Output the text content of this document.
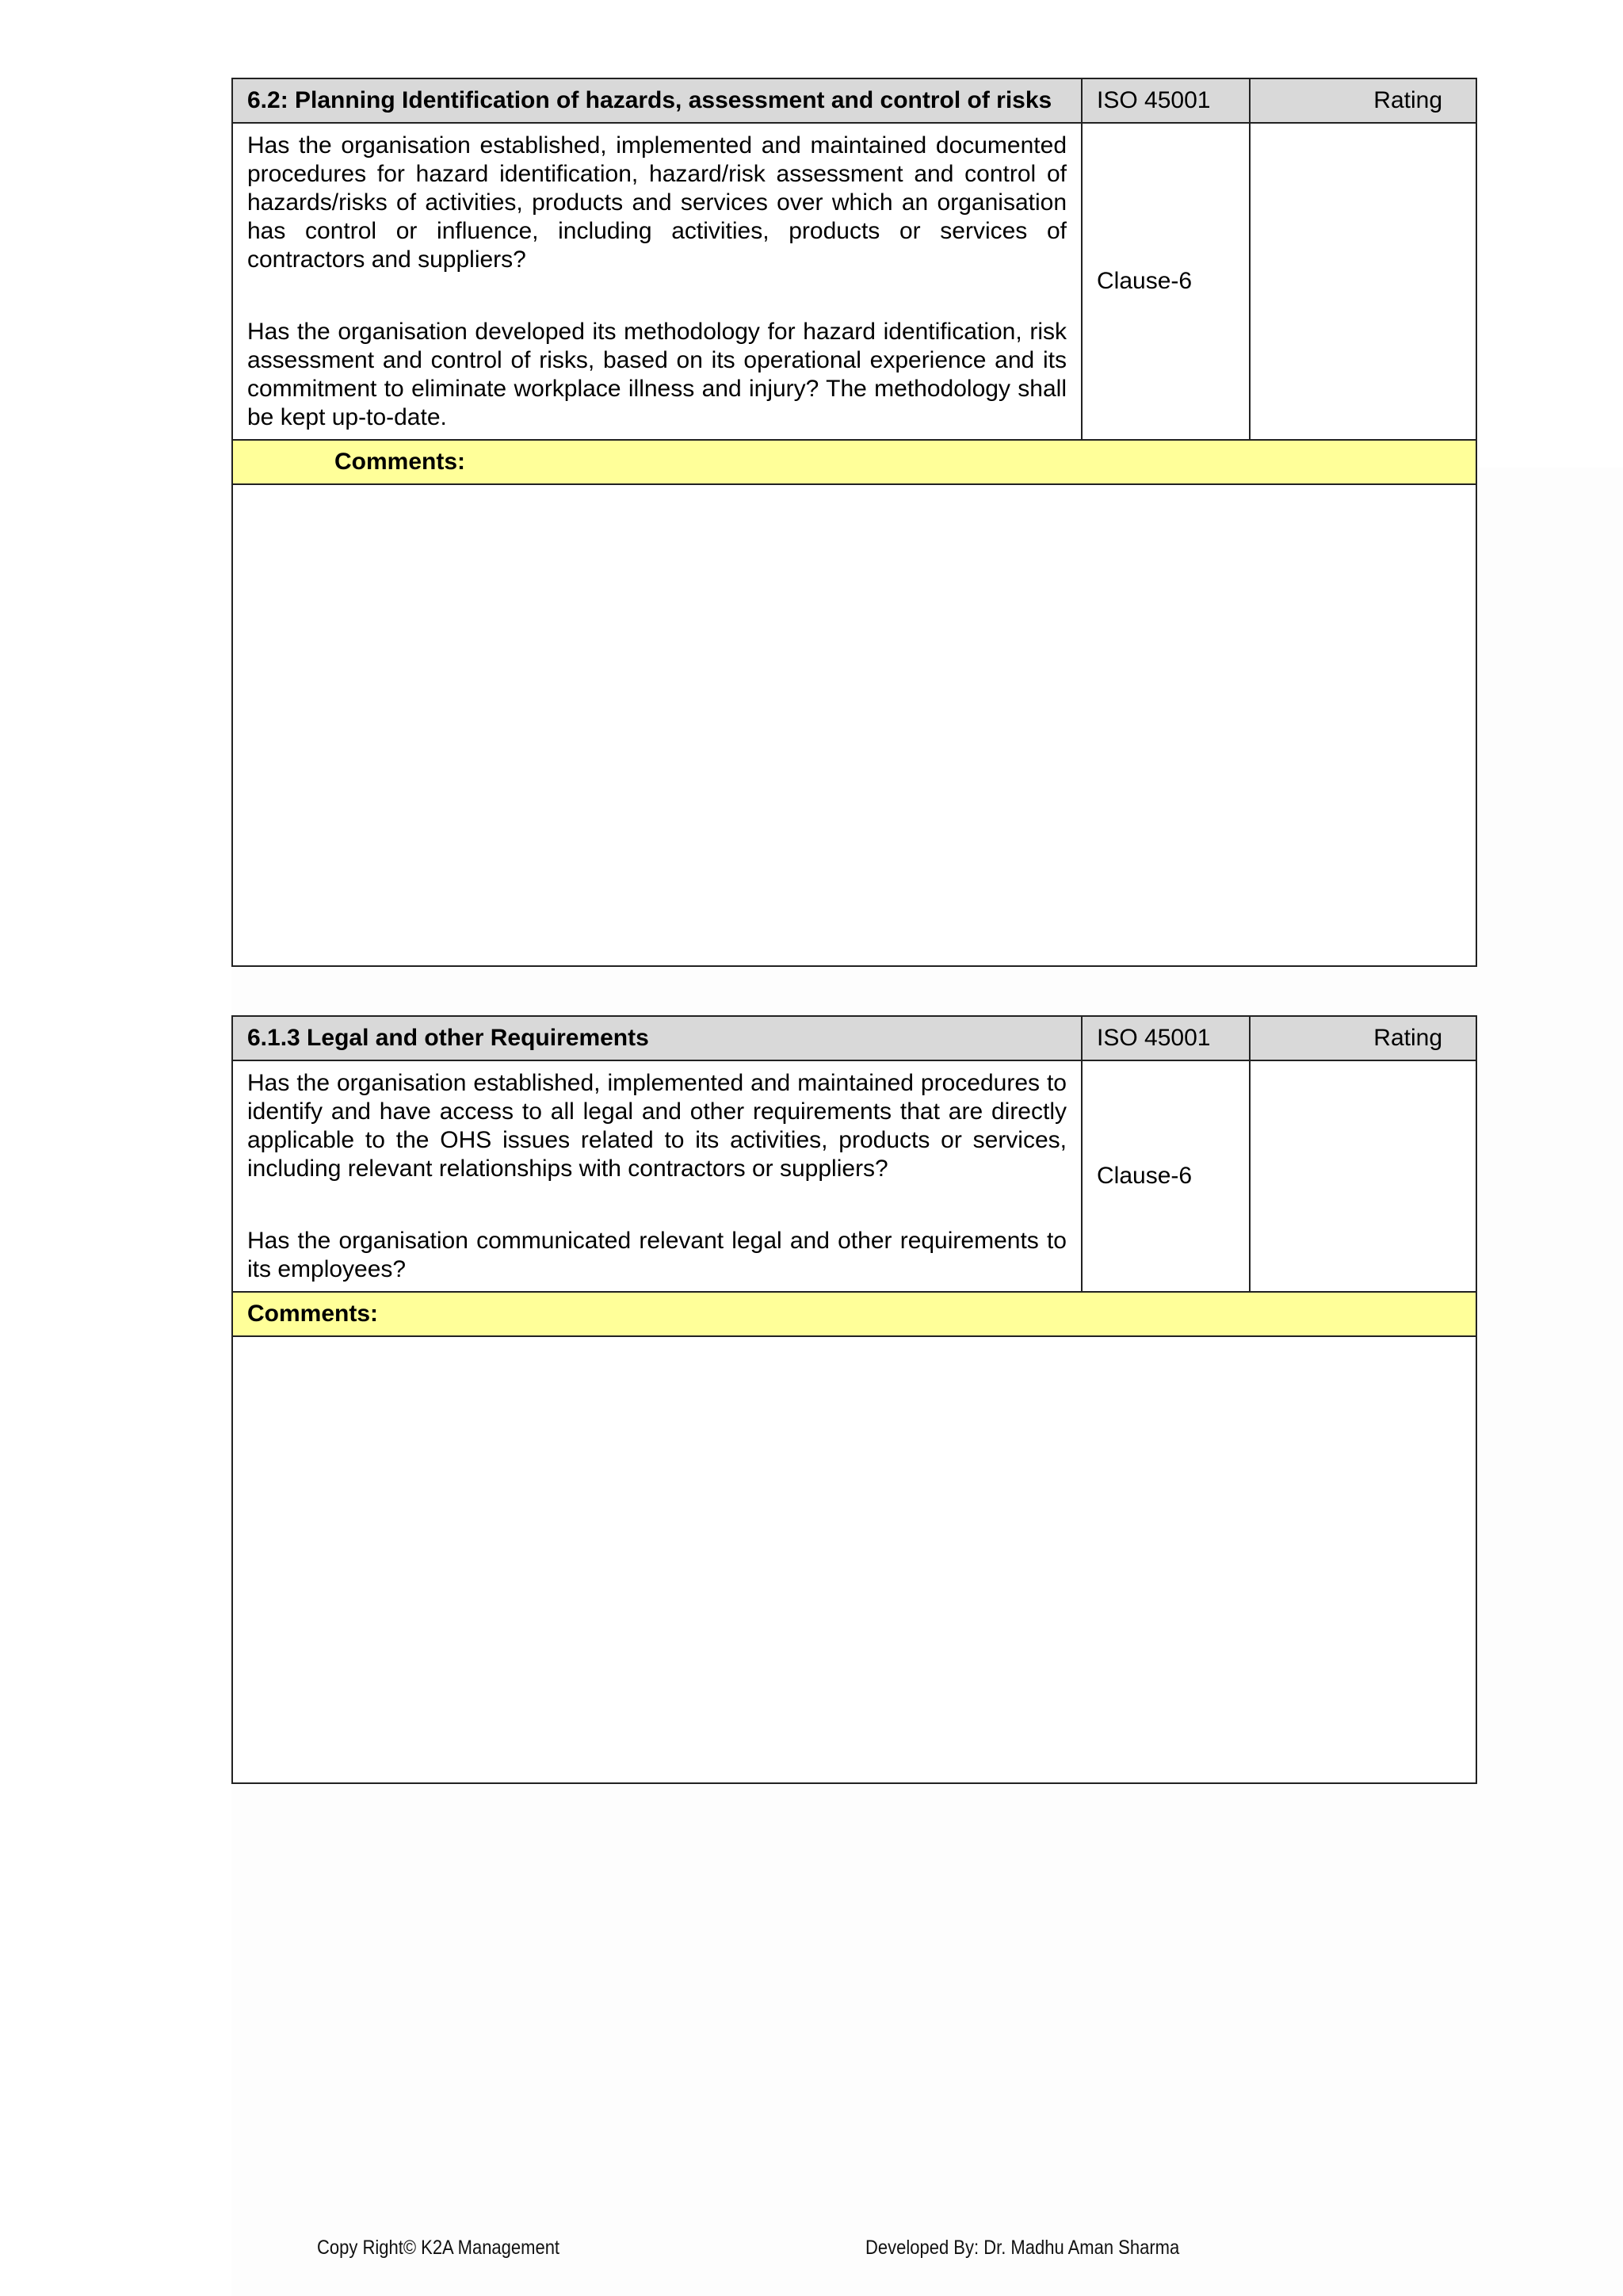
6.2: Planning Identification of hazards, assessment and control of risks	ISO 45001	Rating

Has the organisation established, implemented and maintained documented procedures for hazard identification, hazard/risk assessment and control of hazards/risks of activities, products and services over which an organisation has control or influence, including activities, products or services of contractors and suppliers?

Has the organisation developed its methodology for hazard identification, risk assessment and control of risks, based on its operational experience and its commitment to eliminate workplace illness and injury? The methodology shall be kept up-to-date.	Clause-6	
Comments:		

6.1.3 Legal and other Requirements	ISO 45001	Rating

Has the organisation established, implemented and maintained procedures to identify and have access to all legal and other requirements that are directly applicable to the OHS issues related to its activities, products or services, including relevant relationships with contractors or suppliers?

Has the organisation communicated relevant legal and other requirements to its employees?	Clause-6	
Comments:		

Copy Right© K2A Management	Developed By: Dr. Madhu Aman Sharma
